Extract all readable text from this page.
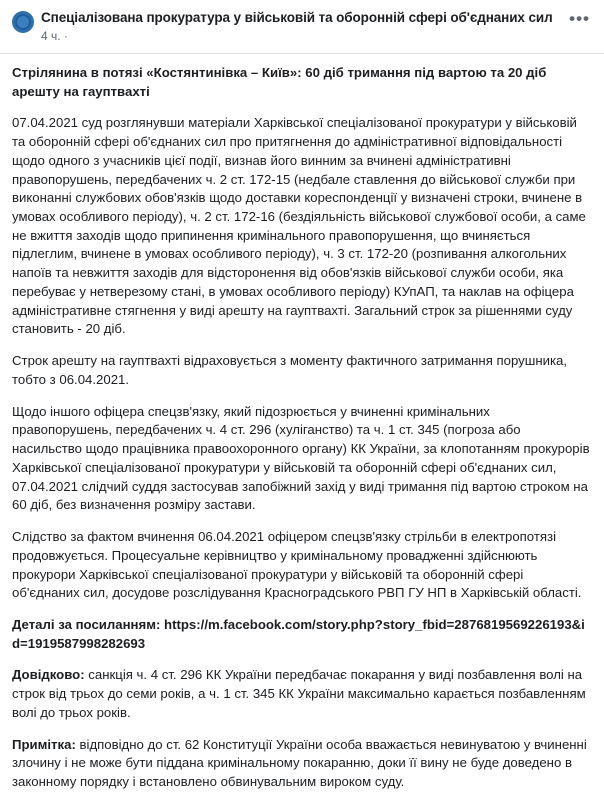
Спеціалізована прокуратура у військовій та оборонній сфері об'єднаних сил
4 ч. ·
•••

Стрілянина в потязі «Костянтинівка – Київ»: 60 діб тримання під вартою та 20 діб арешту на гауптвахті

07.04.2021 суд розглянувши матеріали Харківської спеціалізованої прокуратури у військовій та оборонній сфері об'єднаних сил про притягнення до адміністративної відповідальності щодо одного з учасників цієї події, визнав його винним за вчинені адміністративні правопорушень, передбачених ч. 2 ст. 172-15 (недбале ставлення до військової служби при виконанні службових обов'язків щодо доставки кореспонденції у визначені строки, вчинене в умовах особливого періоду), ч. 2 ст. 172-16 (бездіяльність військової службової особи, а саме не вжиття заходів щодо припинення кримінального правопорушення, що вчиняється підлеглим, вчинене в умовах особливого періоду), ч. 3 ст. 172-20 (розпивання алкогольних напоїв та невжиття заходів для відсторонення від обов'язків військової служби особи, яка перебуває у нетверезому стані, в умовах особливого періоду) КУпАП, та наклав на офіцера адміністративне стягнення у виді арешту на гауптвахті. Загальний строк за рішеннями суду становить - 20 діб.

Строк арешту на гауптвахті відраховується з моменту фактичного затримання порушника, тобто з 06.04.2021.

Щодо іншого офіцера спецзв'язку, який підозрюється у вчиненні кримінальних правопорушень, передбачених ч. 4 ст. 296 (хуліганство) та ч. 1 ст. 345 (погроза або насильство щодо працівника правоохоронного органу) КК України, за клопотанням прокурорів Харківської спеціалізованої прокуратури у військовій та оборонній сфері об'єднаних сил, 07.04.2021 слідчий суддя застосував запобіжний захід у виді тримання під вартою строком на 60 діб, без визначення розміру застави.

Слідство за фактом вчинення 06.04.2021 офіцером спецзв'язку стрільби в електропотязі продовжується. Процесуальне керівництво у кримінальному провадженні здійснюють прокурори Харківської спеціалізованої прокуратури у військовій та оборонній сфері об'єднаних сил, досудове розслідування Красноградського РВП ГУ НП в Харківській області.

Деталі за посиланням: https://m.facebook.com/story.php?story_fbid=2876819569226193&id=1919587998282693

Довідково: санкція ч. 4 ст. 296 КК України передбачає покарання у виді позбавлення волі на строк від трьох до семи років, а ч. 1 ст. 345 КК України максимально карається позбавленням волі до трьох років.

Примітка: відповідно до ст. 62 Конституції України особа вважається невинуватою у вчиненні злочину і не може бути піддана кримінальному покаранню, доки її вину не буде доведено в законному порядку і встановлено обвинувальним вироком суду.
